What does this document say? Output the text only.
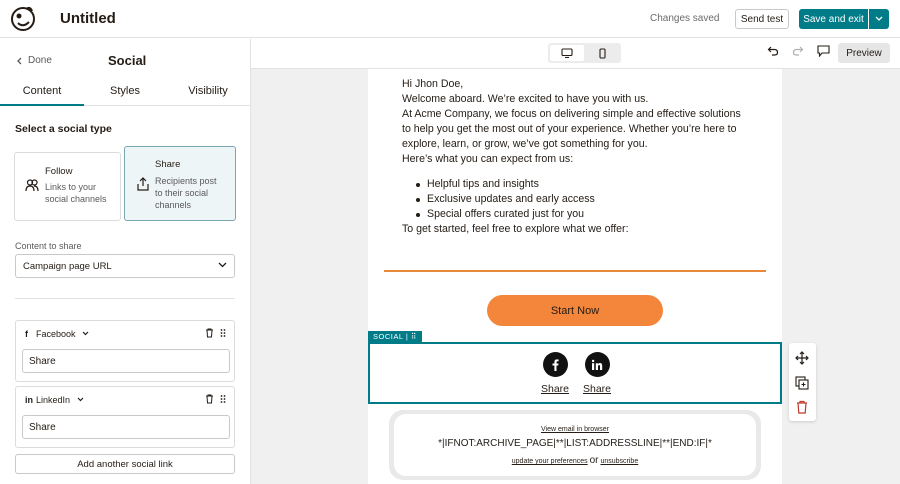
Untitled	Changes saved	Send test	Save and exit
Done	Social
Content	Styles	Visibility
Select a social type
Follow
Links to your social channels
Share
Recipients post to their social channels
Content to share
Campaign page URL
f Facebook
Share
in LinkedIn
Share
Add another social link
Preview
Hi Jhon Doe,
Welcome aboard. We’re excited to have you with us.
At Acme Company, we focus on delivering simple and effective solutions to help you get the most out of your experience. Whether you’re here to explore, learn, or grow, we’ve got something for you.
Here’s what you can expect from us:
Helpful tips and insights
Exclusive updates and early access
Special offers curated just for you
To get started, feel free to explore what we offer:
Start Now
SOCIAL | ⠿
Share Share
View email in browser
*|IFNOT:ARCHIVE_PAGE|**|LIST:ADDRESSLINE|**|END:IF|*
update your preferences or unsubscribe
